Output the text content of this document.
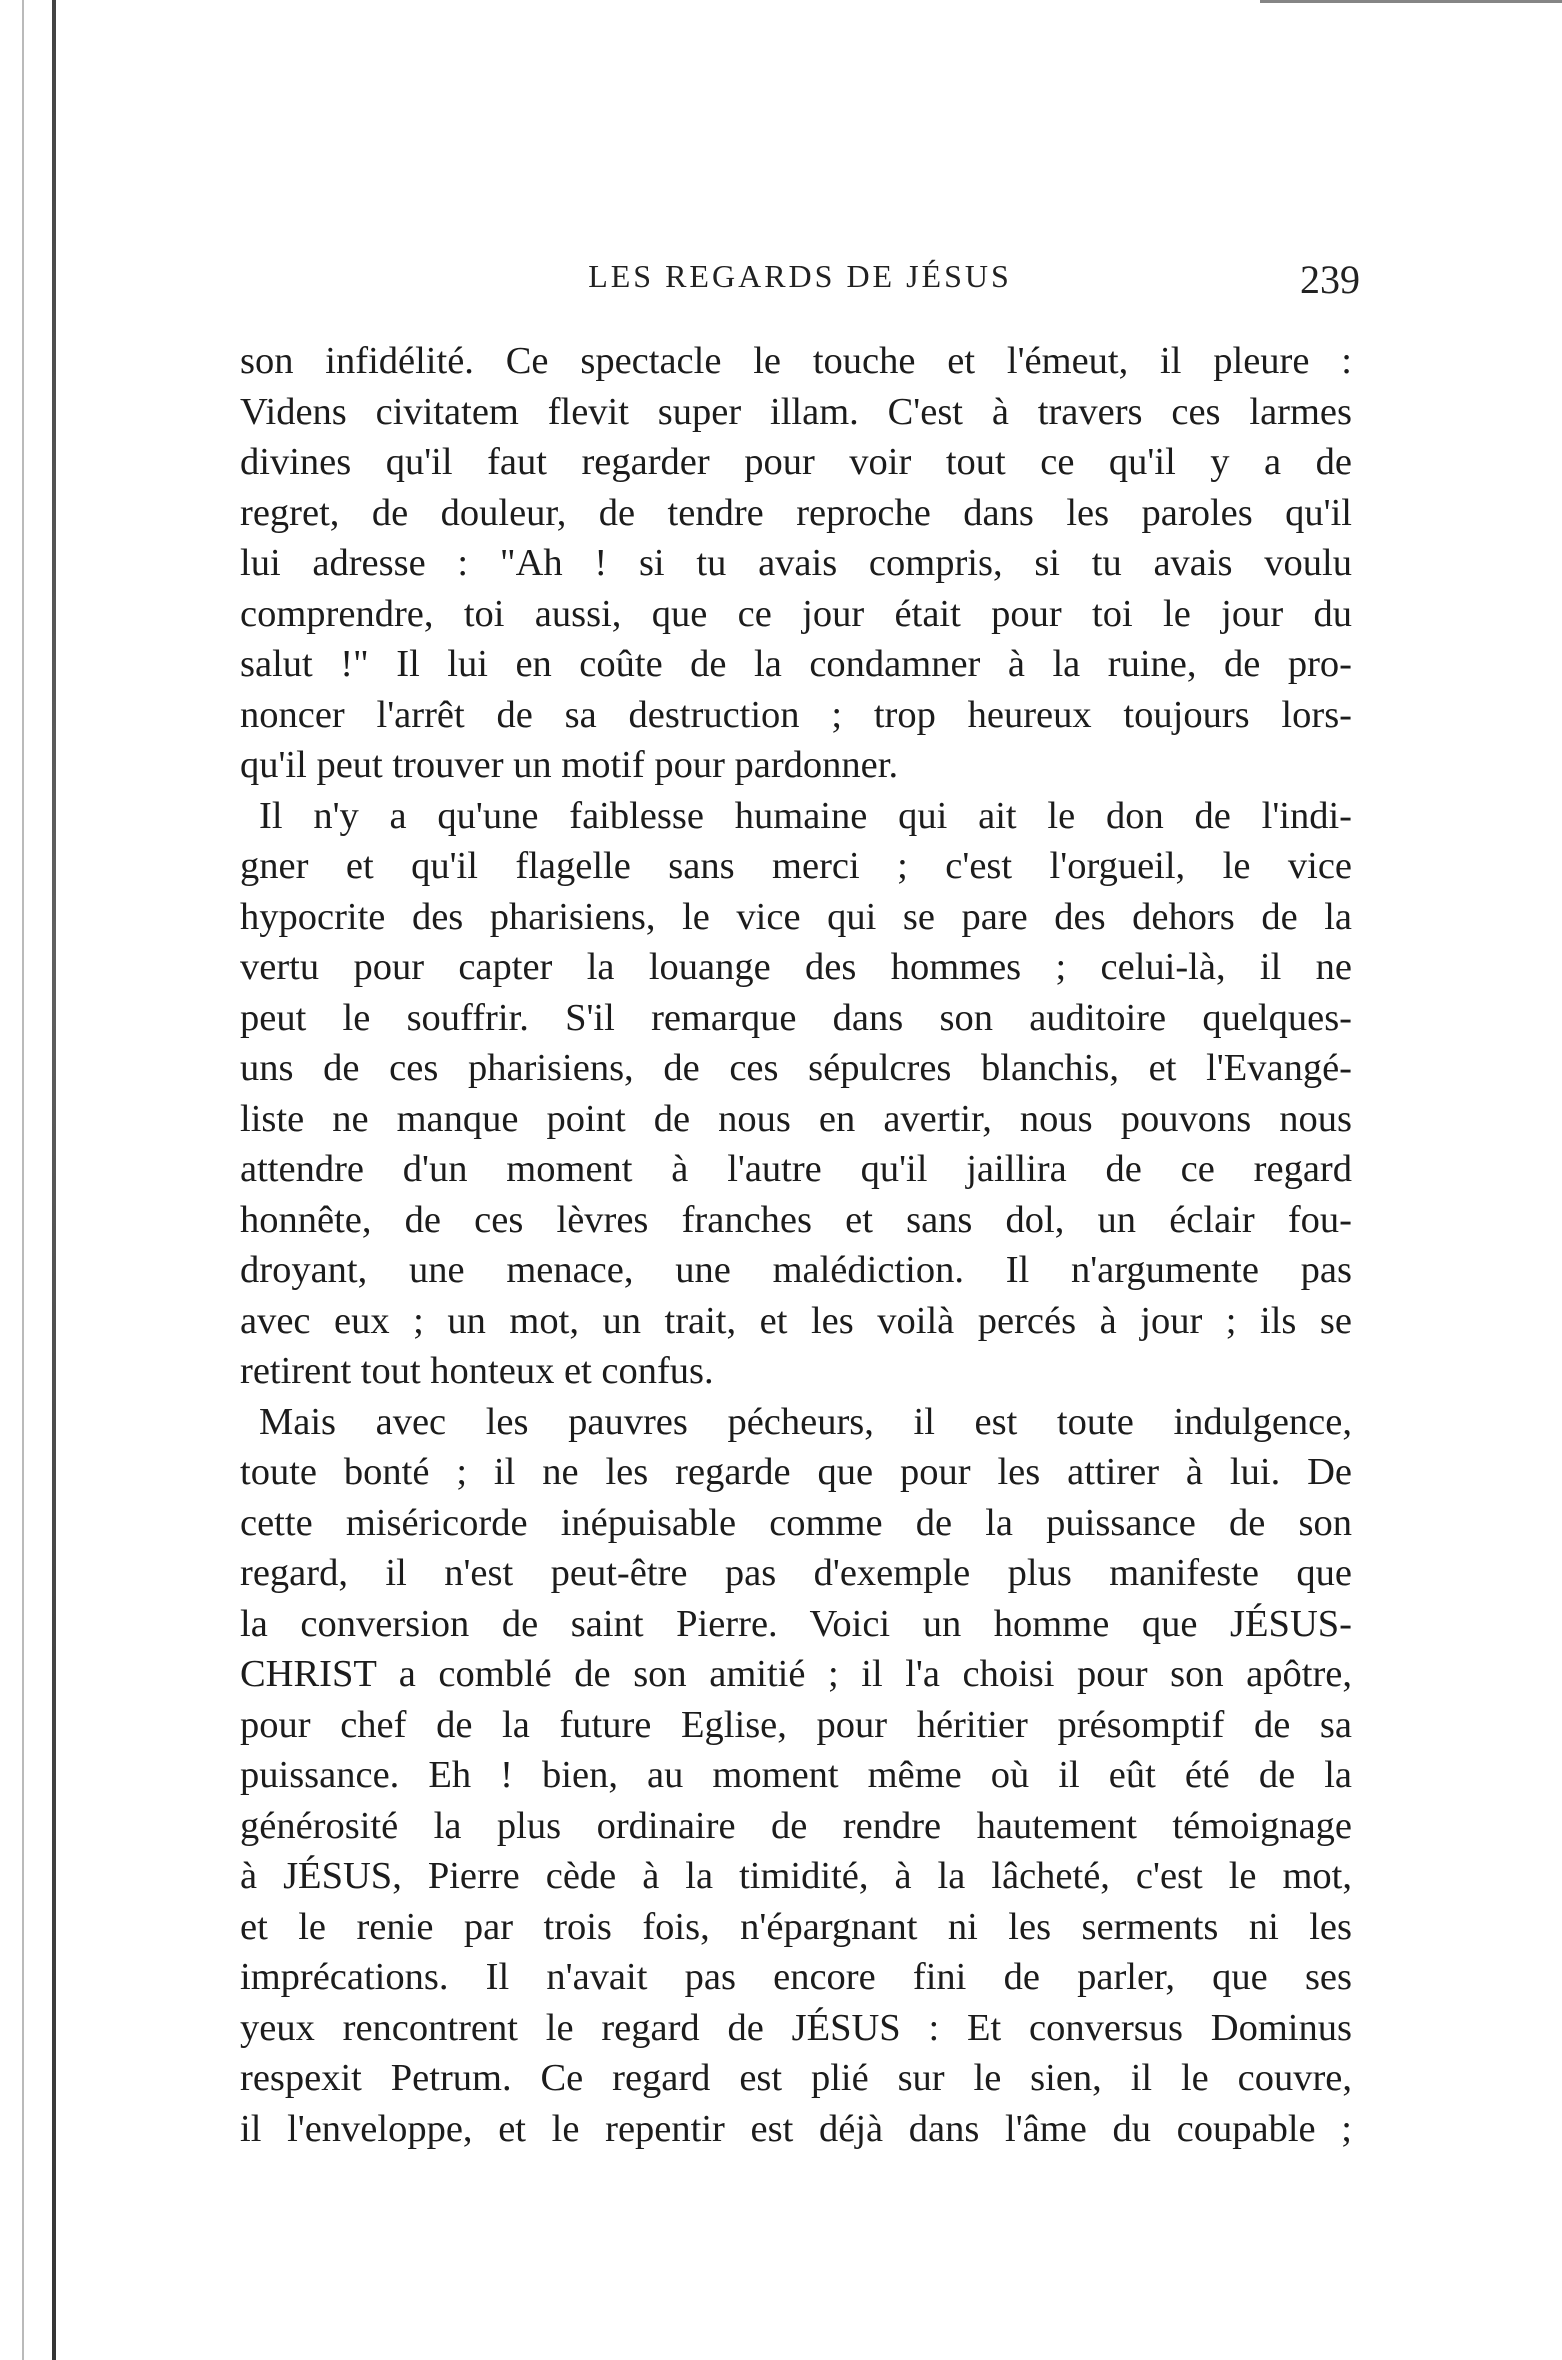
LES REGARDS DE JÉSUS	239
son infidélité. Ce spectacle le touche et l'émeut, il pleure :
Videns civitatem flevit super illam. C'est à travers ces larmes
divines qu'il faut regarder pour voir tout ce qu'il y a de
regret, de douleur, de tendre reproche dans les paroles qu'il
lui adresse : "Ah ! si tu avais compris, si tu avais voulu
comprendre, toi aussi, que ce jour était pour toi le jour du
salut !" Il lui en coûte de la condamner à la ruine, de pro-
noncer l'arrêt de sa destruction ; trop heureux toujours lors-
qu'il peut trouver un motif pour pardonner.
Il n'y a qu'une faiblesse humaine qui ait le don de l'indi-
gner et qu'il flagelle sans merci ; c'est l'orgueil, le vice
hypocrite des pharisiens, le vice qui se pare des dehors de la
vertu pour capter la louange des hommes ; celui-là, il ne
peut le souffrir. S'il remarque dans son auditoire quelques-
uns de ces pharisiens, de ces sépulcres blanchis, et l'Evangé-
liste ne manque point de nous en avertir, nous pouvons nous
attendre d'un moment à l'autre qu'il jaillira de ce regard
honnête, de ces lèvres franches et sans dol, un éclair fou-
droyant, une menace, une malédiction. Il n'argumente pas
avec eux ; un mot, un trait, et les voilà percés à jour ; ils se
retirent tout honteux et confus.
Mais avec les pauvres pécheurs, il est toute indulgence,
toute bonté ; il ne les regarde que pour les attirer à lui. De
cette miséricorde inépuisable comme de la puissance de son
regard, il n'est peut-être pas d'exemple plus manifeste que
la conversion de saint Pierre. Voici un homme que JÉSUS-
CHRIST a comblé de son amitié ; il l'a choisi pour son apôtre,
pour chef de la future Eglise, pour héritier présomptif de sa
puissance. Eh ! bien, au moment même où il eût été de la
générosité la plus ordinaire de rendre hautement témoignage
à JÉSUS, Pierre cède à la timidité, à la lâcheté, c'est le mot,
et le renie par trois fois, n'épargnant ni les serments ni les
imprécations. Il n'avait pas encore fini de parler, que ses
yeux rencontrent le regard de JÉSUS : Et conversus Dominus
respexit Petrum. Ce regard est plié sur le sien, il le couvre,
il l'enveloppe, et le repentir est déjà dans l'âme du coupable ;
